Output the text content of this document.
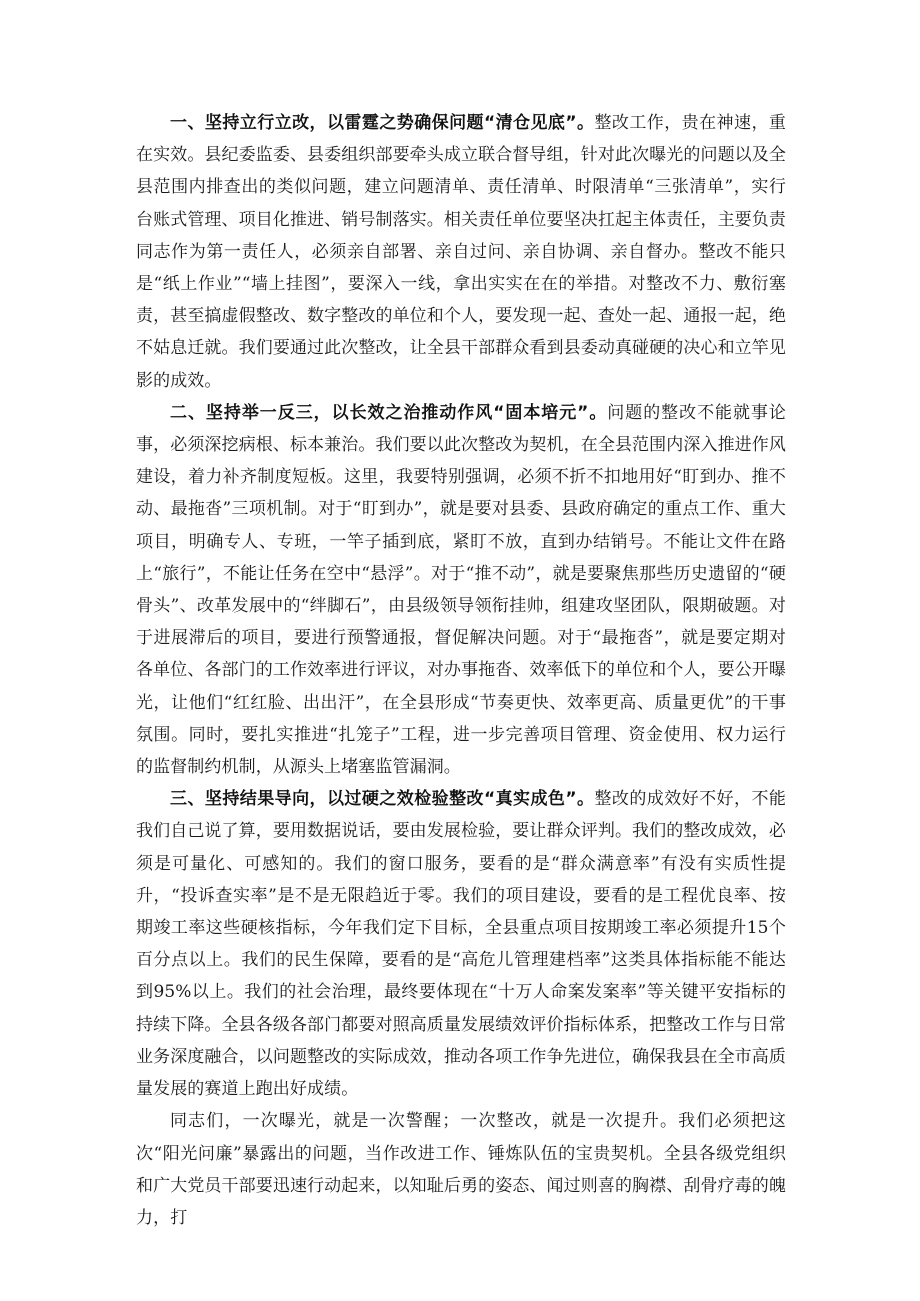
一、坚持立行立改，以雷霆之势确保问题“清仓见底”。整改工作，贵在神速，重在实效。县纪委监委、县委组织部要牵头成立联合督导组，针对此次曝光的问题以及全县范围内排查出的类似问题，建立问题清单、责任清单、时限清单“三张清单”，实行台账式管理、项目化推进、销号制落实。相关责任单位要坚决扛起主体责任，主要负责同志作为第一责任人，必须亲自部署、亲自过问、亲自协调、亲自督办。整改不能只是“纸上作业”“墙上挂图”，要深入一线，拿出实实在在的举措。对整改不力、敷衍塞责，甚至搞虚假整改、数字整改的单位和个人，要发现一起、查处一起、通报一起，绝不姑息迁就。我们要通过此次整改，让全县干部群众看到县委动真碰硬的决心和立竿见影的成效。

二、坚持举一反三，以长效之治推动作风“固本培元”。问题的整改不能就事论事，必须深挖病根、标本兼治。我们要以此次整改为契机，在全县范围内深入推进作风建设，着力补齐制度短板。这里，我要特别强调，必须不折不扣地用好“盯到办、推不动、最拖沓”三项机制。对于“盯到办”，就是要对县委、县政府确定的重点工作、重大项目，明确专人、专班，一竿子插到底，紧盯不放，直到办结销号。不能让文件在路上“旅行”，不能让任务在空中“悬浮”。对于“推不动”，就是要聚焦那些历史遗留的“硬骨头”、改革发展中的“绊脚石”，由县级领导领衔挂帅，组建攻坚团队，限期破题。对于进展滞后的项目，要进行预警通报，督促解决问题。对于“最拖沓”，就是要定期对各单位、各部门的工作效率进行评议，对办事拖沓、效率低下的单位和个人，要公开曝光，让他们“红红脸、出出汗”，在全县形成“节奏更快、效率更高、质量更优”的干事氛围。同时，要扎实推进“扎笼子”工程，进一步完善项目管理、资金使用、权力运行的监督制约机制，从源头上堵塞监管漏洞。

三、坚持结果导向，以过硬之效检验整改“真实成色”。整改的成效好不好，不能我们自己说了算，要用数据说话，要由发展检验，要让群众评判。我们的整改成效，必须是可量化、可感知的。我们的窗口服务，要看的是“群众满意率”有没有实质性提升，“投诉查实率”是不是无限趋近于零。我们的项目建设，要看的是工程优良率、按期竣工率这些硬核指标，今年我们定下目标，全县重点项目按期竣工率必须提升15个百分点以上。我们的民生保障，要看的是“高危儿管理建档率”这类具体指标能不能达到95%以上。我们的社会治理，最终要体现在“十万人命案发案率”等关键平安指标的持续下降。全县各级各部门都要对照高质量发展绩效评价指标体系，把整改工作与日常业务深度融合，以问题整改的实际成效，推动各项工作争先进位，确保我县在全市高质量发展的赛道上跑出好成绩。

同志们，一次曝光，就是一次警醒；一次整改，就是一次提升。我们必须把这次“阳光问廉”暴露出的问题，当作改进工作、锤炼队伍的宝贵契机。全县各级党组织和广大党员干部要迅速行动起来，以知耻后勇的姿态、闻过则喜的胸襟、刮骨疗毒的魄力，打
